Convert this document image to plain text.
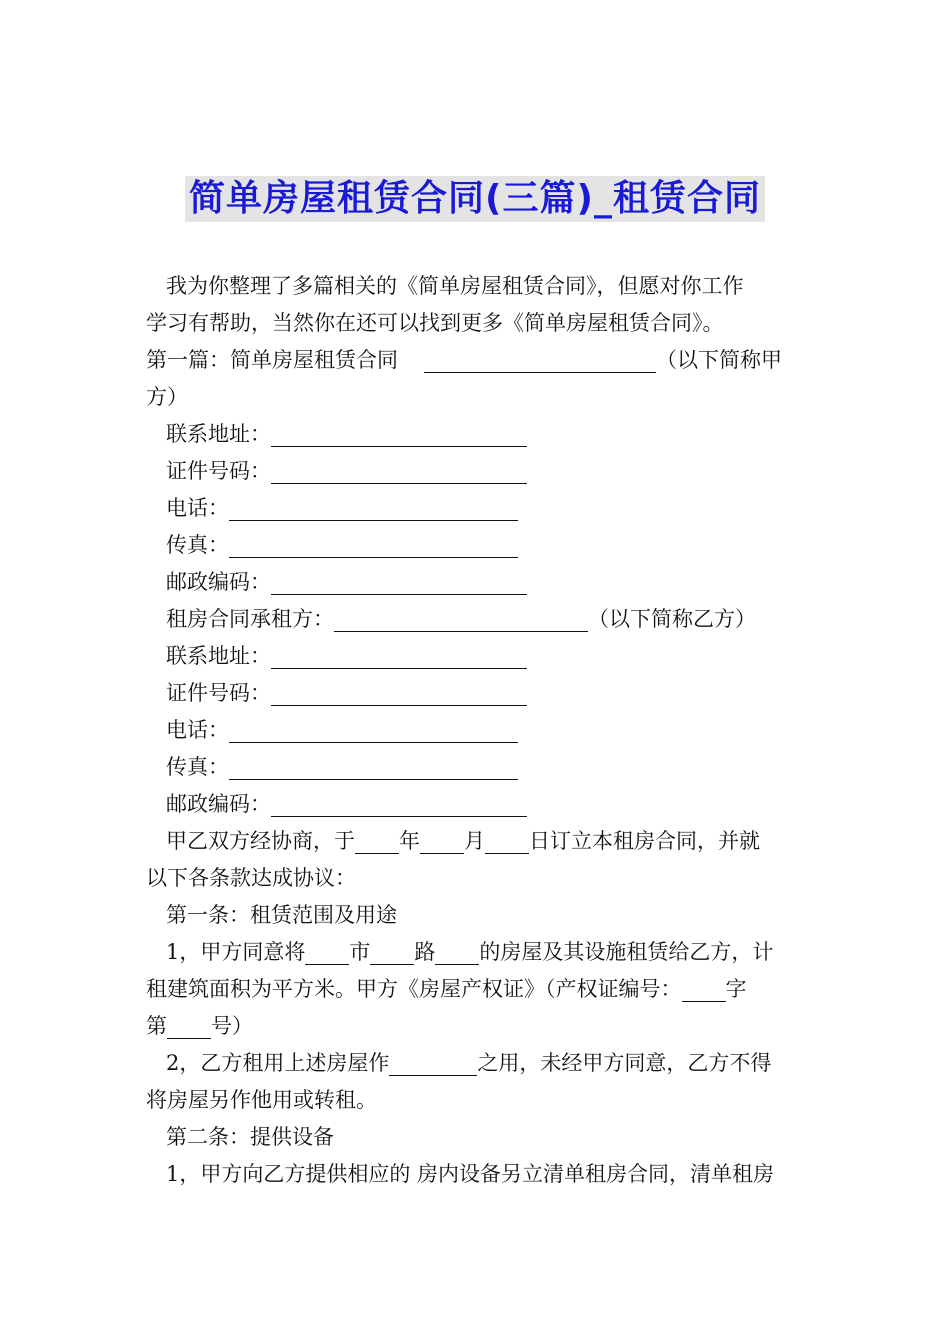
简单房屋租赁合同(三篇)_租赁合同

我为你整理了多篇相关的《简单房屋租赁合同》，但愿对你工作

学习有帮助，当然你在还可以找到更多《简单房屋租赁合同》。

第一篇：简单房屋租赁合同	（以下简称甲

方）

联系地址：

证件号码：

电话：

传真：

邮政编码：

租房合同承租方：	（以下简称乙方）

联系地址：

证件号码：

电话：

传真：

邮政编码：

甲乙双方经协商，于 年 月 日订立本租房合同，并就

以下各条款达成协议：

第一条：租赁范围及用途

1，甲方同意将 市 路 的房屋及其设施租赁给乙方，计

租建筑面积为平方米。甲方《房屋产权证》（产权证编号： 字

第 号）

2，乙方租用上述房屋作	之用，未经甲方同意，乙方不得

将房屋另作他用或转租。

第二条：提供设备

1，甲方向乙方提供相应的 房内设备另立清单租房合同，清单租房
